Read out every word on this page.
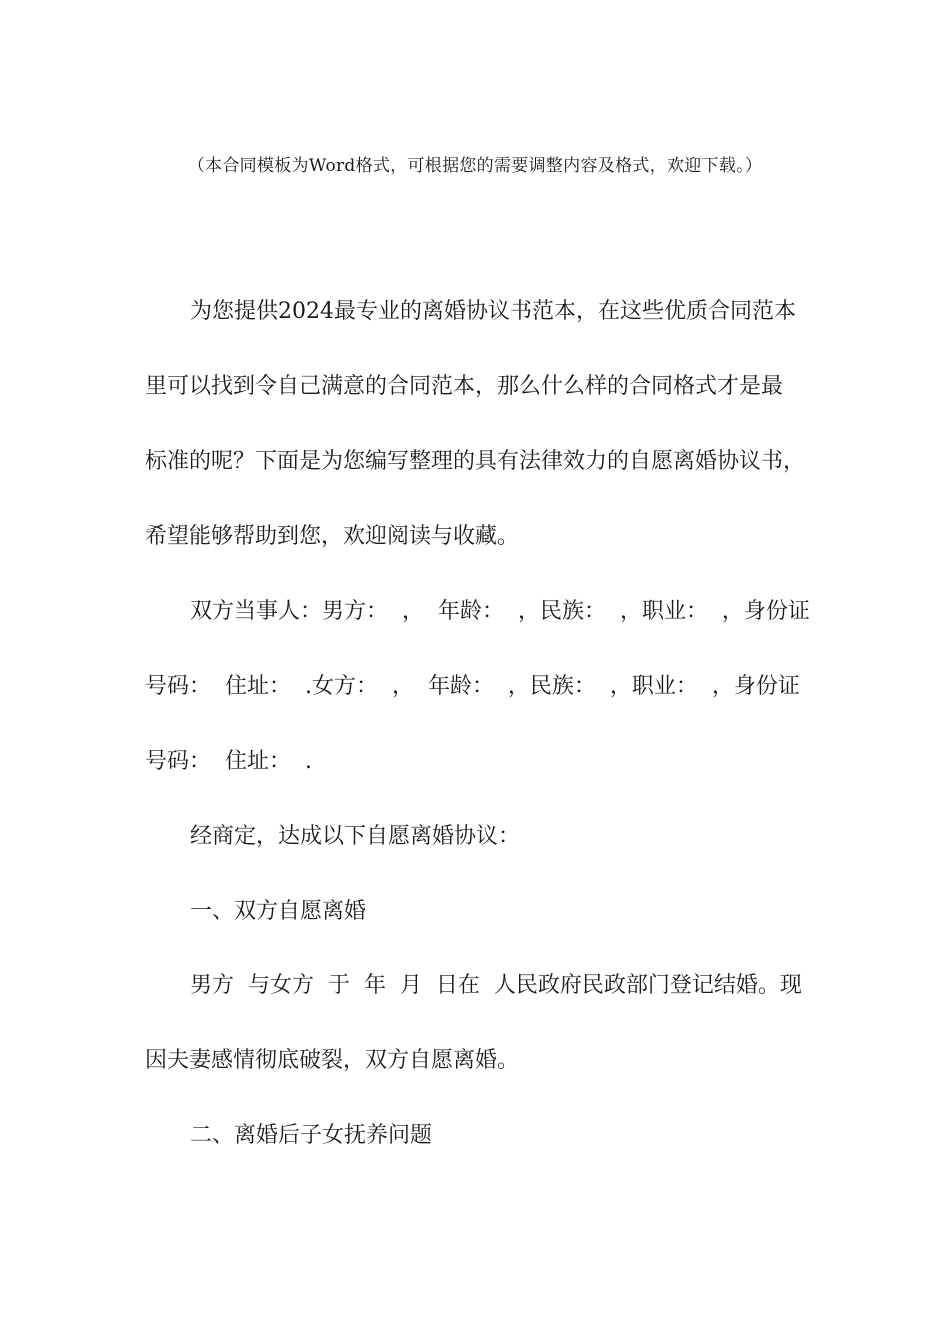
（本合同模板为Word格式，可根据您的需要调整内容及格式，欢迎下载。）
为您提供2024最专业的离婚协议书范本，在这些优质合同范本
里可以找到令自己满意的合同范本，那么什么样的合同格式才是最
标准的呢？下面是为您编写整理的具有法律效力的自愿离婚协议书，
希望能够帮助到您，欢迎阅读与收藏。
双方当事人：男方：  ，  年龄：  ，民族：  ，职业：  ，身份证
号码：  住址：  .女方：  ，  年龄：  ，民族：  ，职业：  ，身份证
号码：  住址：  .
经商定，达成以下自愿离婚协议：
一、双方自愿离婚
男方  与女方  于  年  月  日在  人民政府民政部门登记结婚。现
因夫妻感情彻底破裂，双方自愿离婚。
二、离婚后子女抚养问题
